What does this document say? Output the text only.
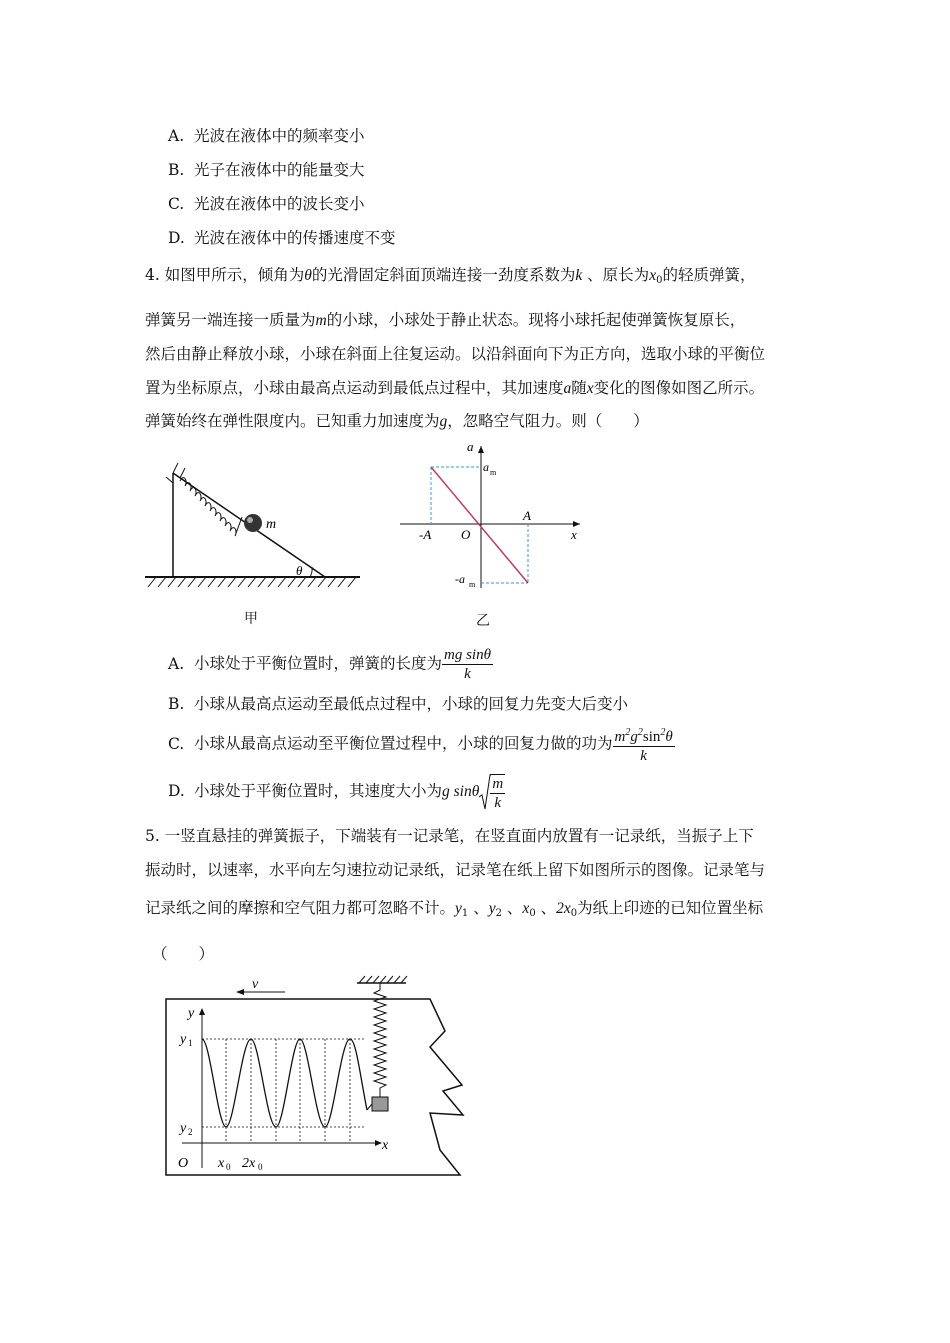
A. 光波在液体中的频率变小
B. 光子在液体中的能量变大
C. 光波在液体中的波长变小
D. 光波在液体中的传播速度不变
4. 如图甲所示，倾角为θ的光滑固定斜面顶端连接一劲度系数为k 、原长为$x_0$的轻质弹簧，
弹簧另一端连接一质量为m的小球，小球处于静止状态。现将小球托起使弹簧恢复原长，
然后由静止释放小球，小球在斜面上往复运动。以沿斜面向下为正方向，选取小球的平衡位
置为坐标原点，小球由最高点运动到最低点过程中，其加速度a随x变化的图像如图乙所示。
弹簧始终在弹性限度内。已知重力加速度为g，忽略空气阻力。则（　　）
m
θ
甲
a
x
O
a m
-a m
A
-A
乙
A. 小球处于平衡位置时，弹簧的长度为 $\frac{\text{mg sinθ}}{k}$
B. 小球从最高点运动至最低点过程中，小球的回复力先变大后变小
C. 小球从最高点运动至平衡位置过程中，小球的回复力做的功为 $\frac{m^2g^2\sin^2\theta}{k}$
D. 小球处于平衡位置时，其速度大小为g sinθ $\frac{m}{k}$
5. 一竖直悬挂的弹簧振子，下端装有一记录笔，在竖直面内放置有一记录纸，当振子上下
振动时，以速率，水平向左匀速拉动记录纸，记录笔在纸上留下如图所示的图像。记录笔与
记录纸之间的摩擦和空气阻力都可忽略不计。$y_1$ 、$y_2$ 、$x_0$ 、$2x_0$为纸上印迹的已知位置坐标
（　　）
v
y
x
O
y 1
y 2
x 0 2x 0
